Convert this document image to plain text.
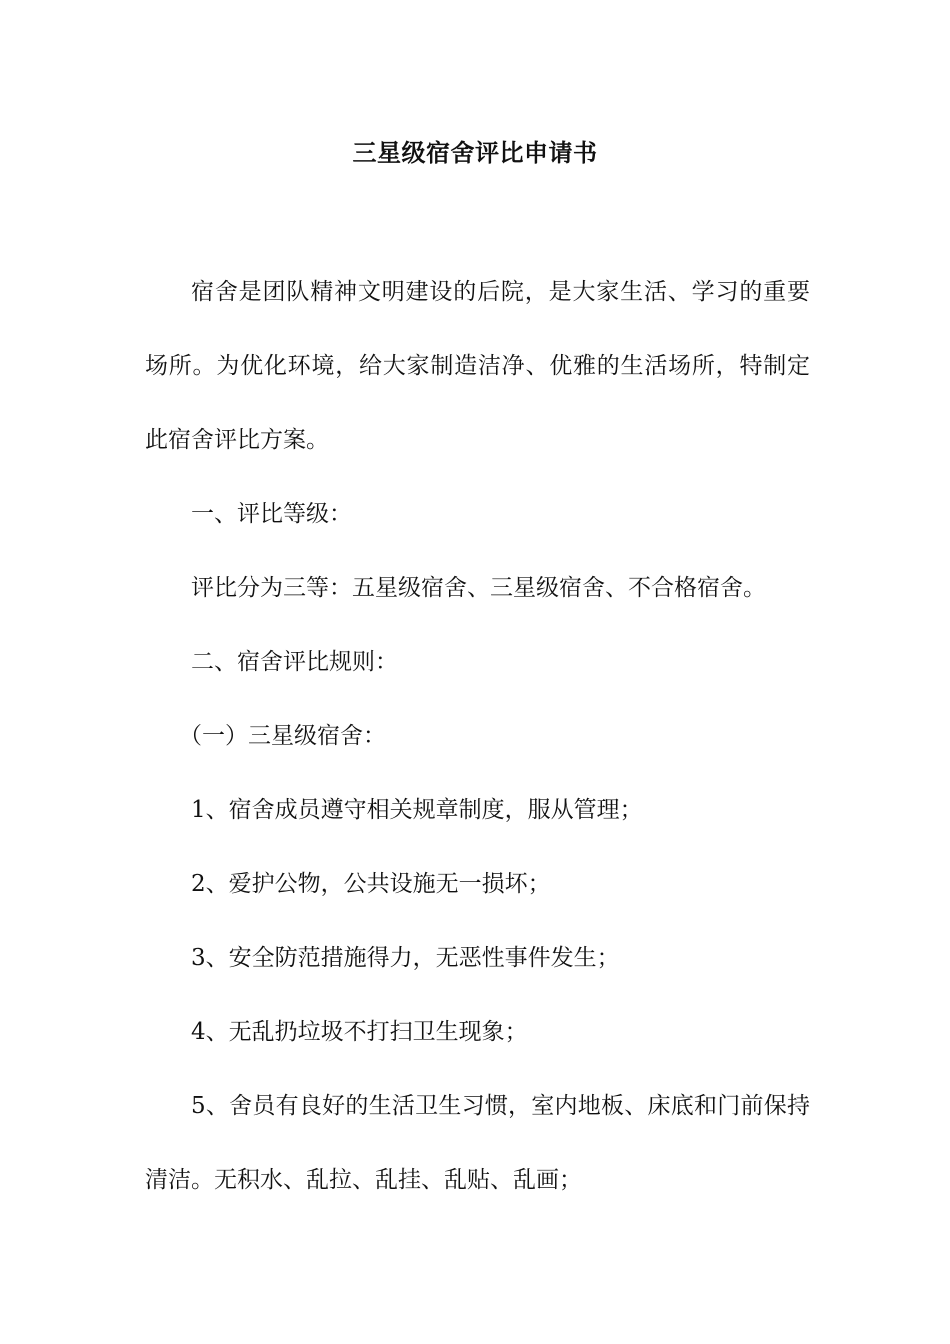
三星级宿舍评比申请书

宿舍是团队精神文明建设的后院，是大家生活、学习的重要场所。为优化环境，给大家制造洁净、优雅的生活场所，特制定此宿舍评比方案。

一、评比等级：

评比分为三等：五星级宿舍、三星级宿舍、不合格宿舍。

二、宿舍评比规则：

（一）三星级宿舍：

1、宿舍成员遵守相关规章制度，服从管理；

2、爱护公物，公共设施无一损坏；

3、安全防范措施得力，无恶性事件发生；

4、无乱扔垃圾不打扫卫生现象；

5、舍员有良好的生活卫生习惯，室内地板、床底和门前保持清洁。无积水、乱拉、乱挂、乱贴、乱画；
